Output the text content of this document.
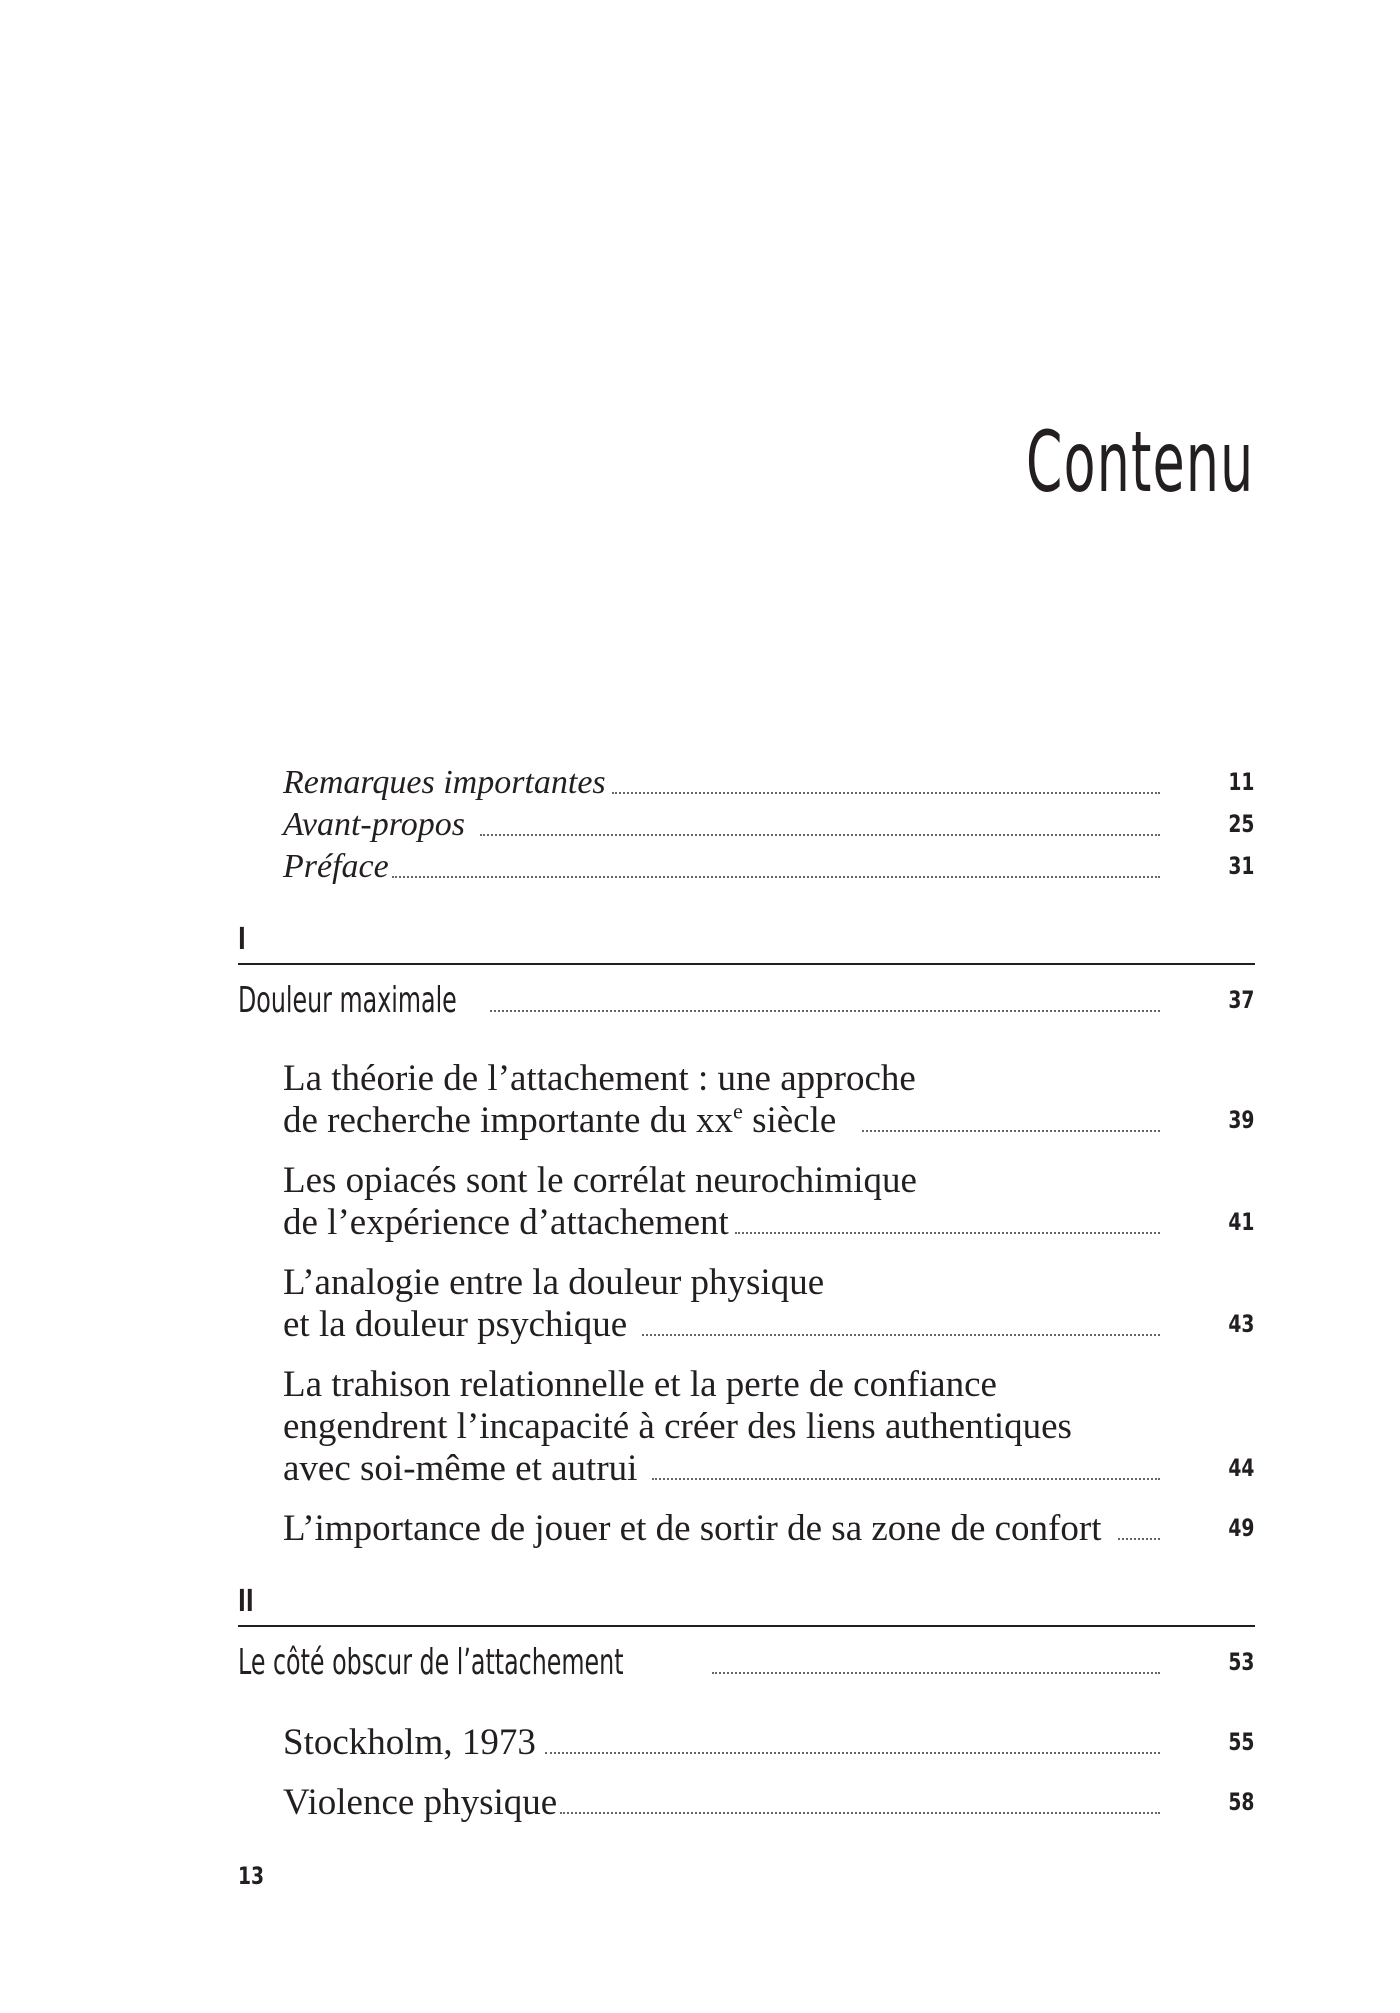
Contenu
Remarques importantes	11
Avant-propos	25
Préface	31
I
Douleur maximale	37
La théorie de l’attachement : une approche
de recherche importante du $xx^e$ siècle	39
Les opiacés sont le corrélat neurochimique
de l’expérience d’attachement	41
L’analogie entre la douleur physique
et la douleur psychique	43
La trahison relationnelle et la perte de confiance
engendrent l’incapacité à créer des liens authentiques
avec soi-même et autrui	44
L’importance de jouer et de sortir de sa zone de confort	49
II
Le côté obscur de l’attachement	53
Stockholm, 1973	55
Violence physique	58
13
